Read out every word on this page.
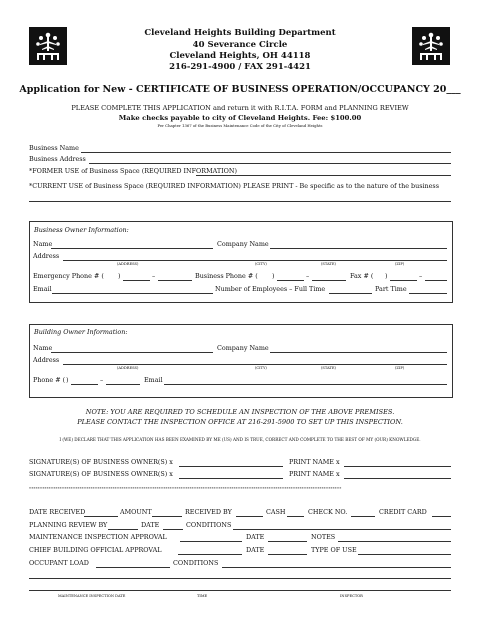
Cleveland Heights Building Department
40 Severance Circle
Cleveland Heights, OH 44118
216-291-4900 / FAX 291-4421
Application for New - CERTIFICATE OF BUSINESS OPERATION/OCCUPANCY 20___
PLEASE COMPLETE THIS APPLICATION and return it with R.I.T.A. FORM and PLANNING REVIEW
Make checks payable to city of Cleveland Heights. Fee: $100.00
Per Chapter 1367 of the Business Maintenance Code of the City of Cleveland Heights
Business Name
Business Address
*FORMER USE of Business Space (REQUIRED INFORMATION)
*CURRENT USE of Business Space (REQUIRED INFORMATION) PLEASE PRINT - Be specific as to the nature of the business
Business Owner Information:
Name	Company Name
Address
(ADDRESS)	(CITY)	(STATE)	(ZIP)
Emergency Phone # ( )	–	Business Phone # ( )	–	Fax # ( )	–
Email	Number of Employees – Full Time	Part Time
Building Owner Information:
Name	Company Name
Address
(ADDRESS)	(CITY)	(STATE)	(ZIP)
Phone # ( )	–	Email
NOTE: YOU ARE REQUIRED TO SCHEDULE AN INSPECTION OF THE ABOVE PREMISES.
PLEASE CONTACT THE INSPECTION OFFICE AT 216-291-5900 TO SET UP THIS INSPECTION.
I (WE) DECLARE THAT THIS APPLICATION HAS BEEN EXAMINED BY ME (US) AND IS TRUE, CORRECT AND COMPLETE TO THE BEST OF MY (OUR) KNOWLEDGE.
SIGNATURE(S) OF BUSINESS OWNER(S) x	PRINT NAME x
SIGNATURE(S) OF BUSINESS OWNER(S) x	PRINT NAME x
**********************************************************************************************************************************************
DATE RECEIVED	AMOUNT	RECEIVED BY	CASH	CHECK NO.	CREDIT CARD
PLANNING REVIEW BY	DATE	CONDITIONS
MAINTENANCE INSPECTION APPROVAL	DATE	NOTES
CHIEF BUILDING OFFICIAL APPROVAL	DATE	TYPE OF USE
OCCUPANT LOAD	CONDITIONS
MAINTENANCE INSPECTION DATE	TIME	INSPECTOR
